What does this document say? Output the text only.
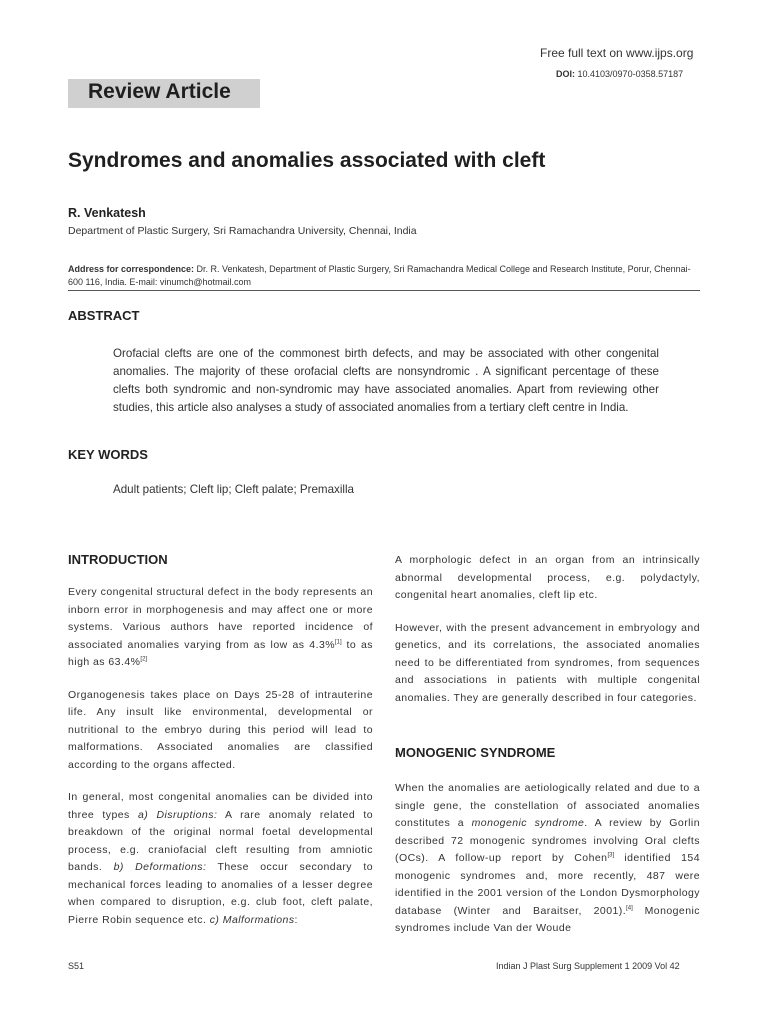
Free full text on www.ijps.org
DOI: 10.4103/0970-0358.57187
Review Article
Syndromes and anomalies associated with cleft
R. Venkatesh
Department of Plastic Surgery, Sri Ramachandra University, Chennai, India
Address for correspondence: Dr. R. Venkatesh, Department of Plastic Surgery, Sri Ramachandra Medical College and Research Institute, Porur, Chennai-600 116, India. E-mail: vinumch@hotmail.com
ABSTRACT
Orofacial clefts are one of the commonest birth defects, and may be associated with other congenital anomalies. The majority of these orofacial clefts are nonsyndromic . A significant percentage of these clefts both syndromic and non-syndromic may have associated anomalies. Apart from reviewing other studies, this article also analyses a study of associated anomalies from a tertiary cleft centre in India.
KEY WORDS
Adult patients; Cleft lip; Cleft palate; Premaxilla
INTRODUCTION

Every congenital structural defect in the body represents an inborn error in morphogenesis and may affect one or more systems. Various authors have reported incidence of associated anomalies varying from as low as 4.3%[1] to as high as 63.4%[2]

Organogenesis takes place on Days 25-28 of intrauterine life. Any insult like environmental, developmental or nutritional to the embryo during this period will lead to malformations. Associated anomalies are classified according to the organs affected.

In general, most congenital anomalies can be divided into three types a) Disruptions: A rare anomaly related to breakdown of the original normal foetal developmental process, e.g. craniofacial cleft resulting from amniotic bands. b) Deformations: These occur secondary to mechanical forces leading to anomalies of a lesser degree when compared to disruption, e.g. club foot, cleft palate, Pierre Robin sequence etc. c) Malformations:

A morphologic defect in an organ from an intrinsically abnormal developmental process, e.g. polydactyly, congenital heart anomalies, cleft lip etc.

However, with the present advancement in embryology and genetics, and its correlations, the associated anomalies need to be differentiated from syndromes, from sequences and associations in patients with multiple congenital anomalies. They are generally described in four categories.

MONOGENIC SYNDROME

When the anomalies are aetiologically related and due to a single gene, the constellation of associated anomalies constitutes a monogenic syndrome. A review by Gorlin described 72 monogenic syndromes involving Oral clefts (OCs). A follow-up report by Cohen[3] identified 154 monogenic syndromes and, more recently, 487 were identified in the 2001 version of the London Dysmorphology database (Winter and Baraitser, 2001).[4] Monogenic syndromes include Van der Woude

S51	Indian J Plast Surg Supplement 1 2009 Vol 42
